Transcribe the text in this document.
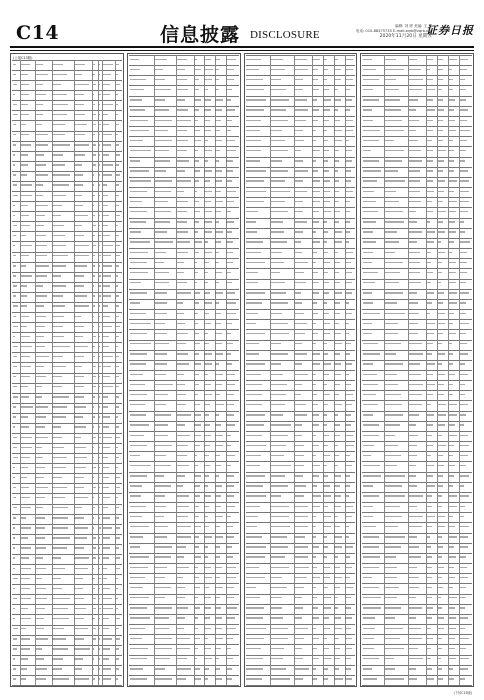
C14	信息披露 DISCLOSURE
编辑: 刘 婷 美编: 王 勇
电话: 010-88375735 E-mail:zqrb@zqrb.net
2020年11月20日 星期五
证券日报
(上接C13版)
(下转C15版)
